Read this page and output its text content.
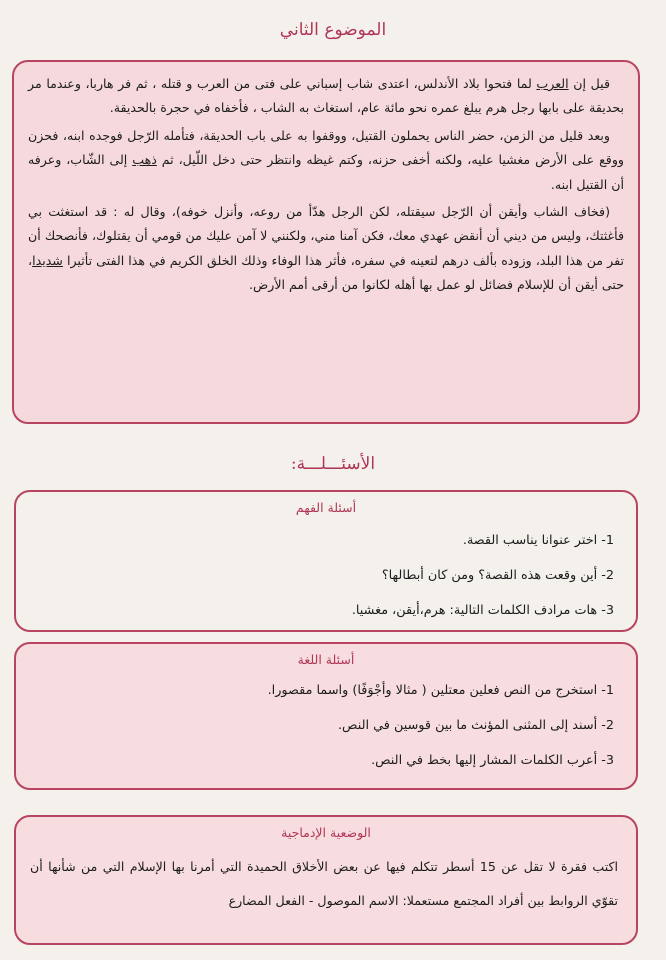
الموضوع الثاني

قيل إن العرب لما فتحوا بلاد الأندلس، اعتدى شاب إسباني على فتى من العرب و قتله ، ثم فر هاربا، وعندما مر بحديقة على بابها رجل هرم يبلغ عمره نحو مائة عام، استغاث به الشاب ، فأخفاه في حجرة بالحديقة.

وبعد قليل من الزمن، حضر الناس يحملون القتيل، ووقفوا به على باب الحديقة، فتأمله الرّجل فوجده ابنه، فحزن ووقع على الأرض مغشيا عليه، ولكنه أخفى حزنه، وكتم غيظه وانتظر حتى دخل اللّيل، ثم ذهب إلى الشّاب، وعرفه أن القتيل ابنه.

(فخاف الشاب وأيقن أن الرّجل سيقتله، لكن الرجل هدّأ من روعه، وأنزل خوفه)، وقال له : قد استغثت بي فأغثتك، وليس من ديني أن أنقض عهدي معك، فكن آمنا مني، ولكنني لا آمن عليك من قومي أن يقتلوك، فأنصحك أن تفر من هذا البلد، وزوده بألف درهم لتعينه في سفره، فأثر هذا الوفاء وذلك الخلق الكريم في هذا الفتى تأثيرا شديدا، حتى أيقن أن للإسلام فضائل لو عمل بها أهله لكانوا من أرقى أمم الأرض.

الأسئـــلـــة:
أسئلة الفهم
1- اختر عنوانا يناسب القصة.
2- أين وقعت هذه القصة؟ ومن كان أبطالها؟
3- هات مرادف الكلمات التالية: هرم،أيقن، مغشيا.
أسئلة اللغة
1- استخرج من النص فعلين معتلين ( مثالا وأجْوَفًا) واسما مقصورا.
2- أسند إلى المثنى المؤنث ما بين قوسين في النص.
3- أعرب الكلمات المشار إليها بخط في النص.
الوضعية الإدماجية
اكتب فقرة لا تقل عن 15 أسطر تتكلم فيها عن بعض الأخلاق الحميدة التي أمرنا بها الإسلام التي من شأنها أن تقوّي الروابط بين أفراد المجتمع مستعملا: الاسم الموصول - الفعل المضارع
